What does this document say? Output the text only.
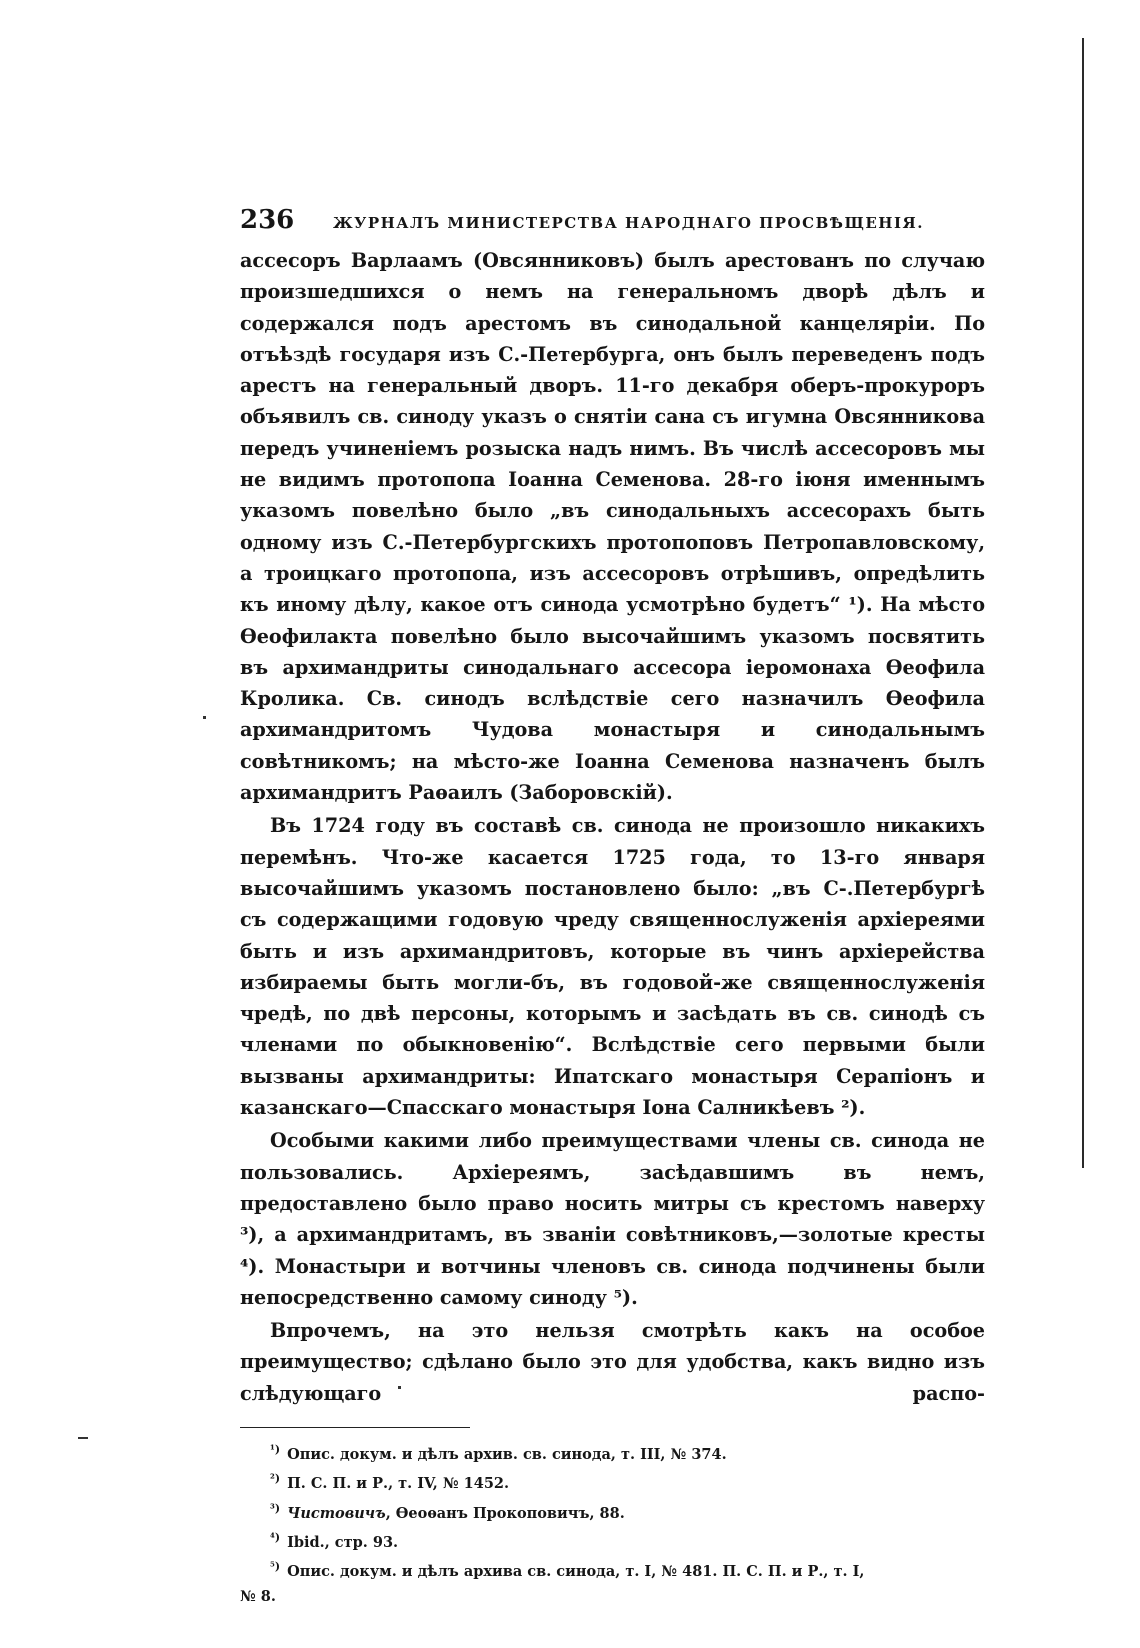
236	ЖУРНАЛЪ МИНИСТЕРСТВА НАРОДНАГО ПРОСВѢЩЕНІЯ.

ассесоръ Варлаамъ (Овсянниковъ) былъ арестованъ по случаю произшедшихся о немъ на генеральномъ дворѣ дѣлъ и содержался подъ арестомъ въ синодальной канцеляріи. По отъѣздѣ государя изъ С.-Петербурга, онъ былъ переведенъ подъ арестъ на генеральный дворъ. 11-го декабря оберъ-прокуроръ объявилъ св. синоду указъ о снятіи сана съ игумна Овсянникова передъ учиненіемъ розыска надъ нимъ. Въ числѣ ассесоровъ мы не видимъ протопопа Іоанна Семенова. 28-го іюня именнымъ указомъ повелѣно было „въ синодальныхъ ассесорахъ быть одному изъ С.-Петербургскихъ протопоповъ Петропавловскому, а троицкаго протопопа, изъ ассесоровъ отрѣшивъ, опредѣлить къ иному дѣлу, какое отъ синода усмотрѣно будетъ“ ¹). На мѣсто Ѳеофилакта повелѣно было высочайшимъ указомъ посвятить въ архимандриты синодальнаго ассесора іеромонаха Ѳеофила Кролика. Св. синодъ вслѣдствіе сего назначилъ Ѳеофила архимандритомъ Чудова монастыря и синодальнымъ совѣтникомъ; на мѣсто-же Іоанна Семенова назначенъ былъ архимандритъ Раѳаилъ (Заборовскій).

Въ 1724 году въ составѣ св. синода не произошло никакихъ перемѣнъ. Что-же касается 1725 года, то 13-го января высочайшимъ указомъ постановлено было: „въ С-.Петербургѣ съ содержащими годовую чреду священнослуженія архіереями быть и изъ архимандритовъ, которые въ чинъ архіерейства избираемы быть могли-бъ, въ годовой-же священнослуженія чредѣ, по двѣ персоны, которымъ и засѣдать въ св. синодѣ съ членами по обыкновенію“. Вслѣдствіе сего первыми были вызваны архимандриты: Ипатскаго монастыря Серапіонъ и казанскаго—Спасскаго монастыря Іона Салникѣевъ ²).

Особыми какими либо преимуществами члены св. синода не пользовались. Архіереямъ, засѣдавшимъ въ немъ, предоставлено было право носить митры съ крестомъ наверху ³), а архимандритамъ, въ званіи совѣтниковъ,—золотые кресты ⁴). Монастыри и вотчины членовъ св. синода подчинены были непосредственно самому синоду ⁵).

Впрочемъ, на это нельзя смотрѣть какъ на особое преимущество; сдѣлано было это для удобства, какъ видно изъ слѣдующаго распо-

$^{^1)}$ Опис. докум. и дѣлъ архив. св. синода, т. III, № 374.
$^{^2)}$ П. С. П. и Р., т. IV, № 1452.
$^{^3)}$ Чистовичъ, Ѳеоѳанъ Прокоповичъ, 88.
$^{^4)}$ Ibid., стр. 93.
$^{^5)}$ Опис. докум. и дѣлъ архива св. синода, т. I, № 481. П. С. П. и Р., т. I,
№ 8.
